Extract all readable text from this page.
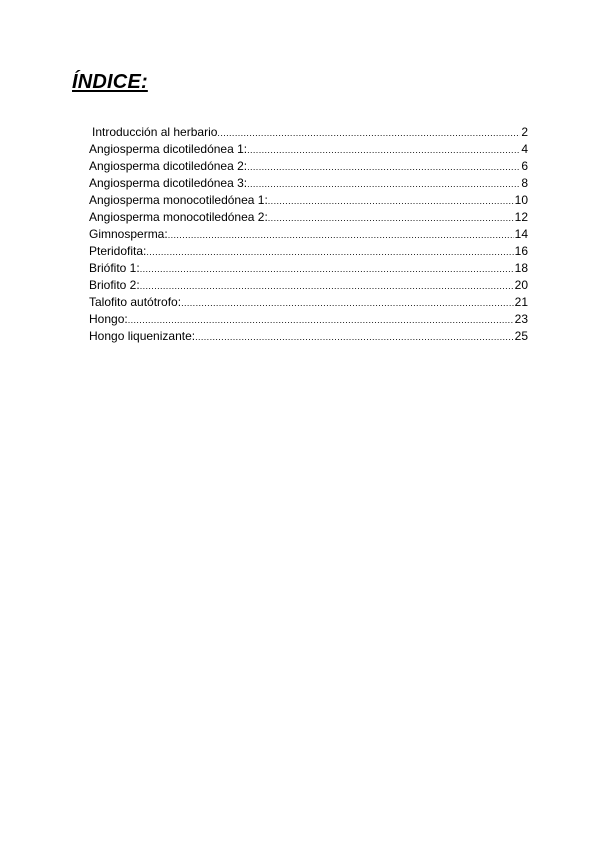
ÍNDICE:
Introducción al herbario .....	2
Angiosperma dicotiledónea 1: .....	4
Angiosperma dicotiledónea 2: .....	6
Angiosperma dicotiledónea 3: .....	8
Angiosperma monocotiledónea 1: .....	10
Angiosperma monocotiledónea 2: .....	12
Gimnosperma: .....	14
Pteridofita: .....	16
Briófito 1: .....	18
Briofito 2: .....	20
Talofito autótrofo: .....	21
Hongo: .....	23
Hongo liquenizante: .....	25
